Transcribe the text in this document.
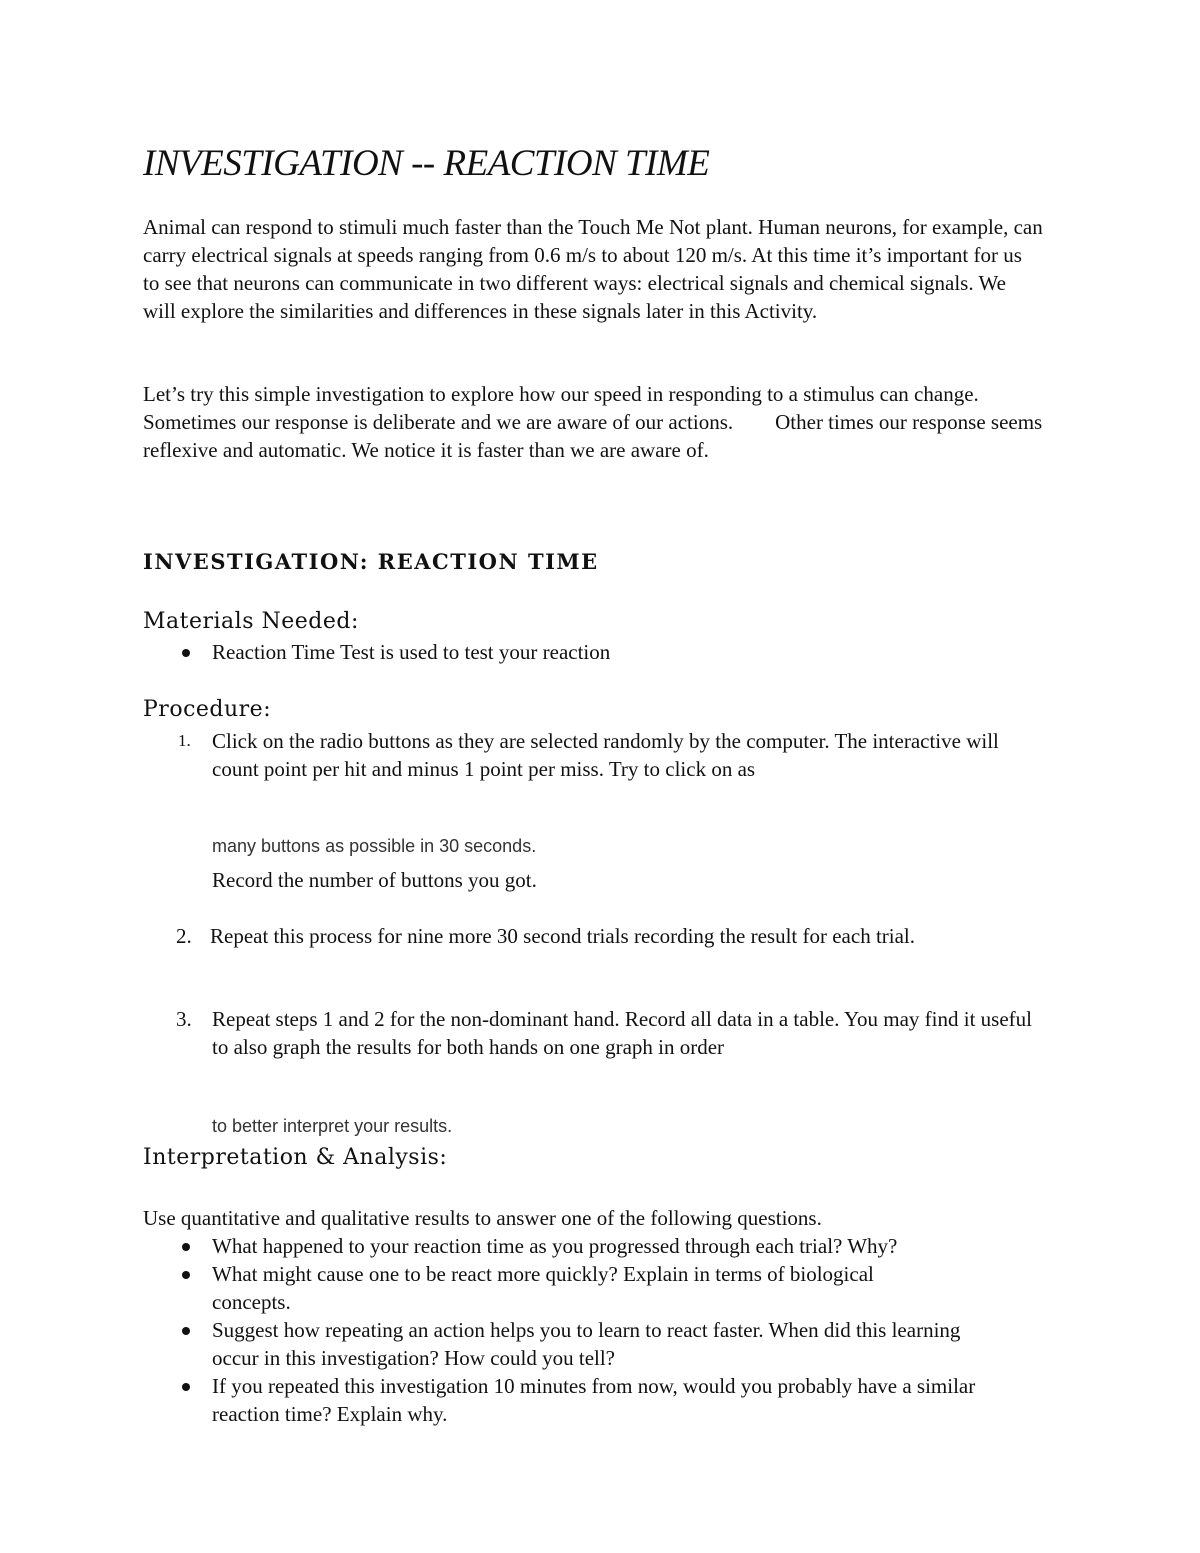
INVESTIGATION -- REACTION TIME

Animal can respond to stimuli much faster than the Touch Me Not plant. Human neurons, for example, can carry electrical signals at speeds ranging from 0.6 m/s to about 120 m/s. At this time it’s important for us to see that neurons can communicate in two different ways: electrical signals and chemical signals. We will explore the similarities and differences in these signals later in this Activity.

Let’s try this simple investigation to explore how our speed in responding to a stimulus can change. Sometimes our response is deliberate and we are aware of our actions.        Other times our response seems reflexive and automatic. We notice it is faster than we are aware of.

INVESTIGATION: REACTION TIME
Materials Needed:
Reaction Time Test is used to test your reaction
Procedure:
1. Click on the radio buttons as they are selected randomly by the computer. The interactive will count point per hit and minus 1 point per miss. Try to click on as

many buttons as possible in 30 seconds.

Record the number of buttons you got.

2. Repeat this process for nine more 30 second trials recording the result for each trial.
3. Repeat steps 1 and 2 for the non-dominant hand. Record all data in a table. You may find it useful to also graph the results for both hands on one graph in order

to better interpret your results.

Interpretation & Analysis:

Use quantitative and qualitative results to answer one of the following questions.

What happened to your reaction time as you progressed through each trial? Why?
What might cause one to be react more quickly? Explain in terms of biological concepts.
Suggest how repeating an action helps you to learn to react faster. When did this learning occur in this investigation? How could you tell?
If you repeated this investigation 10 minutes from now, would you probably have a similar reaction time? Explain why.
